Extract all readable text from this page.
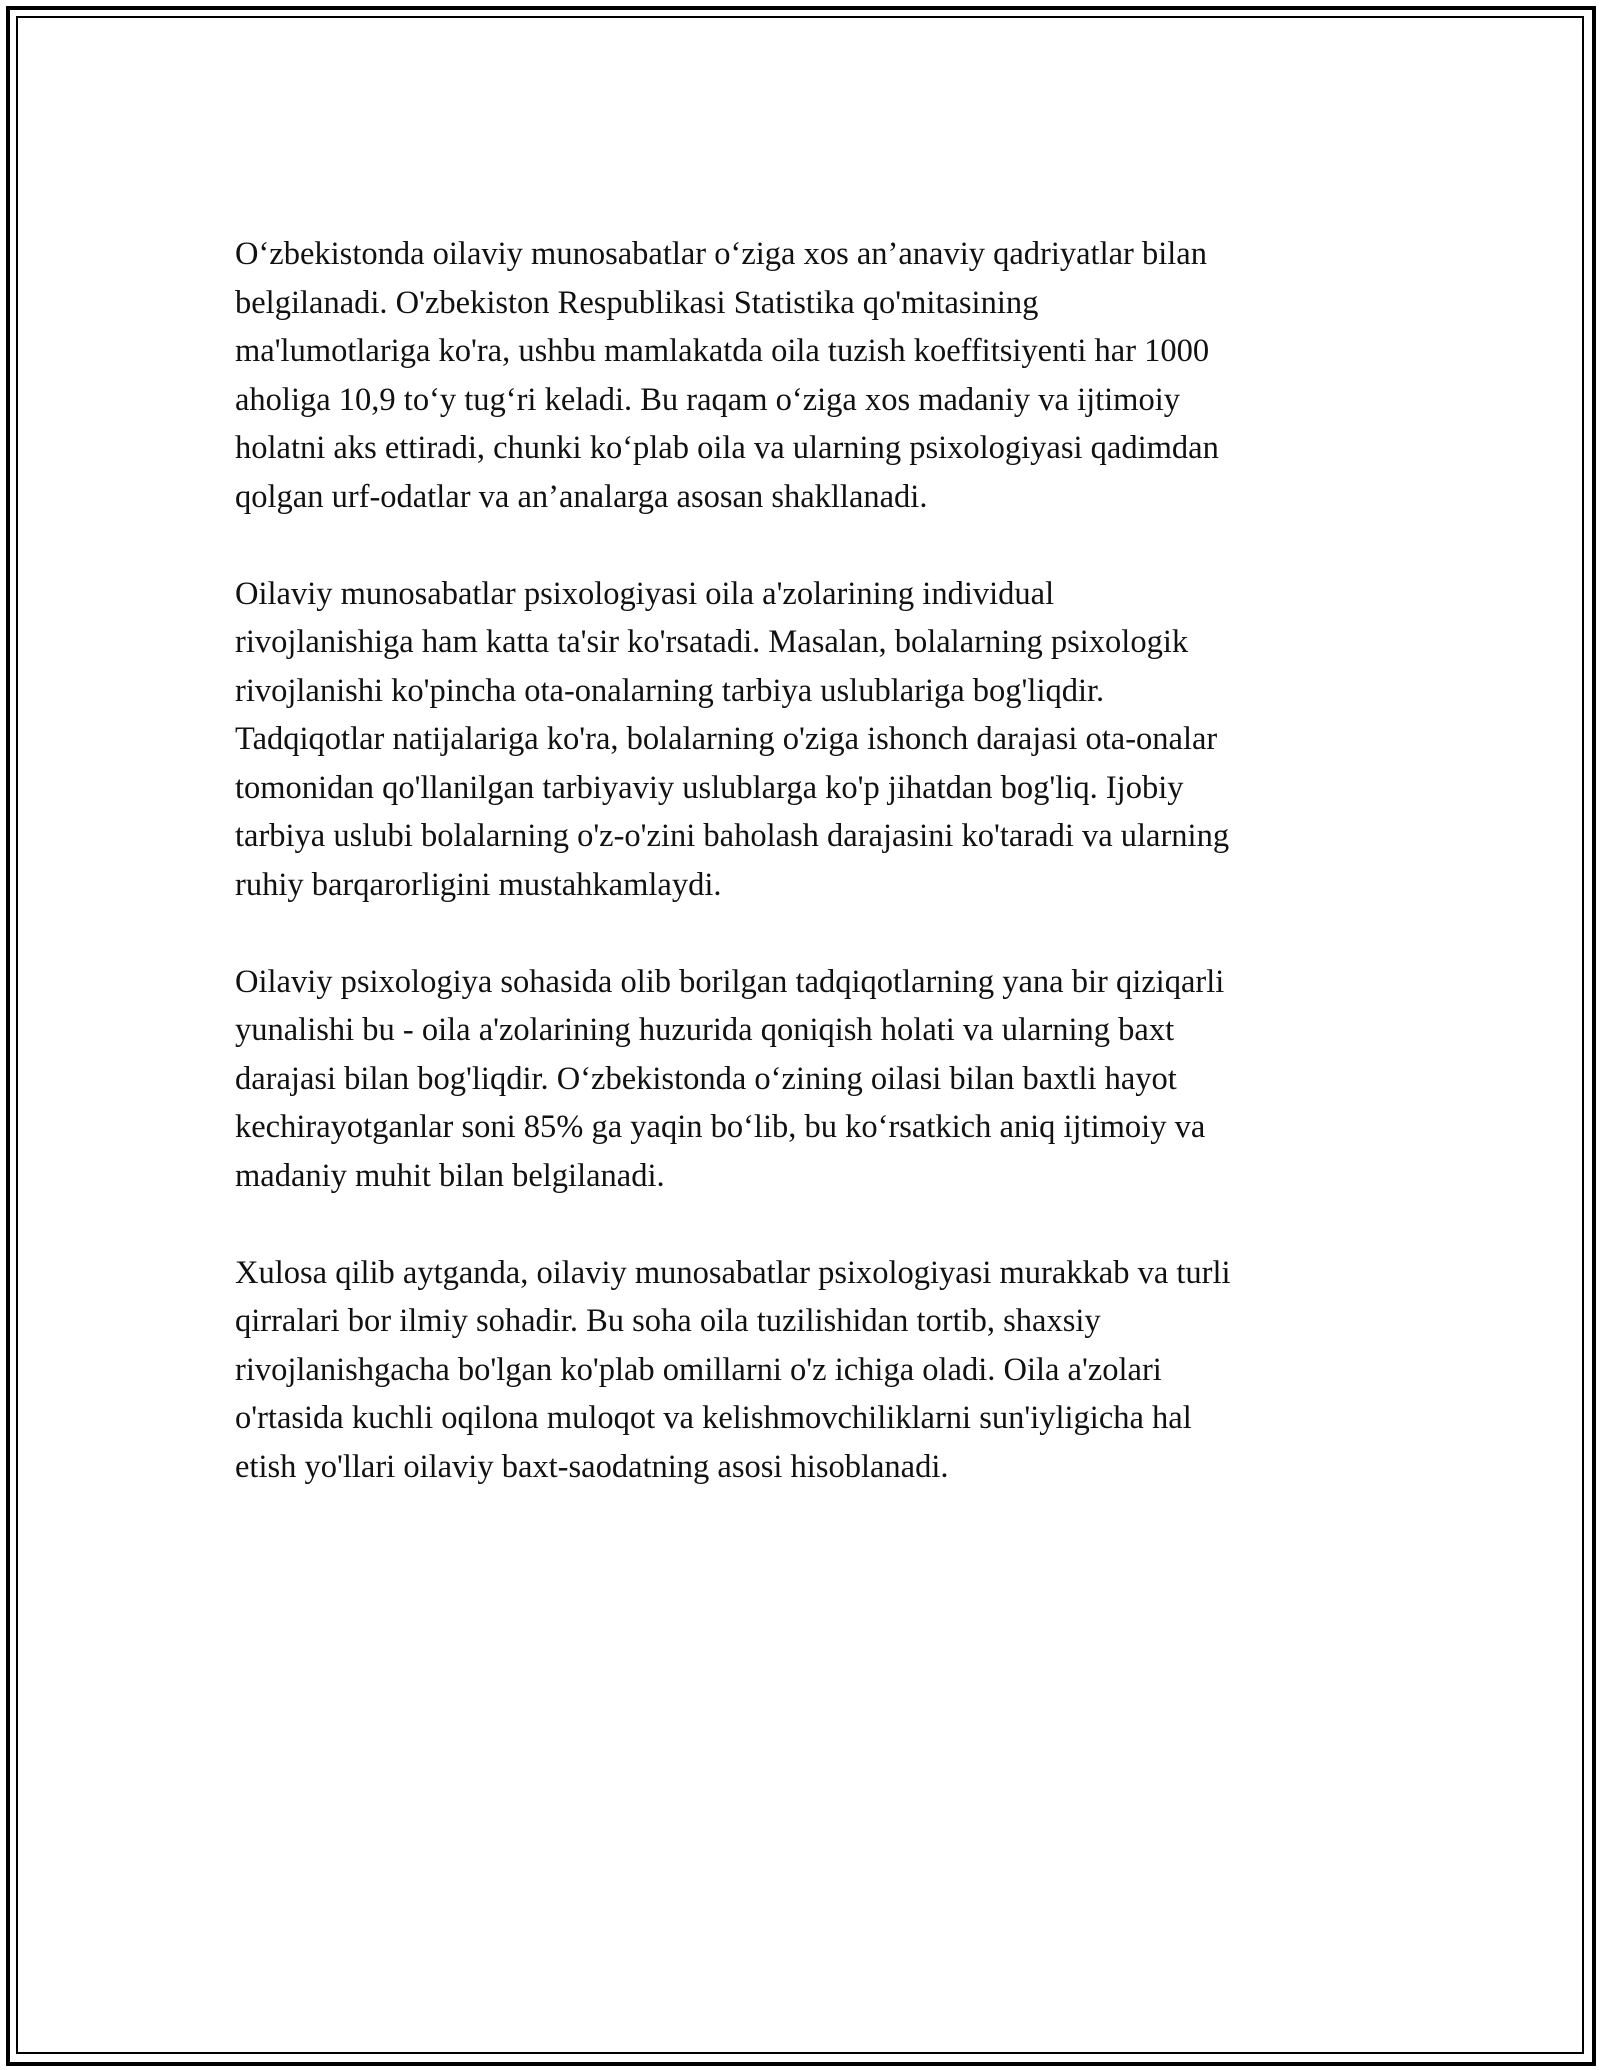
O‘zbekistonda oilaviy munosabatlar o‘ziga xos an’anaviy qadriyatlar bilan
belgilanadi. O'zbekiston Respublikasi Statistika qo'mitasining
ma'lumotlariga ko'ra, ushbu mamlakatda oila tuzish koeffitsiyenti har 1000
aholiga 10,9 to‘y tug‘ri keladi. Bu raqam o‘ziga xos madaniy va ijtimoiy
holatni aks ettiradi, chunki ko‘plab oila va ularning psixologiyasi qadimdan
qolgan urf-odatlar va an’analarga asosan shakllanadi.

Oilaviy munosabatlar psixologiyasi oila a'zolarining individual
rivojlanishiga ham katta ta'sir ko'rsatadi. Masalan, bolalarning psixologik
rivojlanishi ko'pincha ota-onalarning tarbiya uslublariga bog'liqdir.
Tadqiqotlar natijalariga ko'ra, bolalarning o'ziga ishonch darajasi ota-onalar
tomonidan qo'llanilgan tarbiyaviy uslublarga ko'p jihatdan bog'liq. Ijobiy
tarbiya uslubi bolalarning o'z-o'zini baholash darajasini ko'taradi va ularning
ruhiy barqarorligini mustahkamlaydi.

Oilaviy psixologiya sohasida olib borilgan tadqiqotlarning yana bir qiziqarli
yunalishi bu - oila a'zolarining huzurida qoniqish holati va ularning baxt
darajasi bilan bog'liqdir. O‘zbekistonda o‘zining oilasi bilan baxtli hayot
kechirayotganlar soni 85% ga yaqin bo‘lib, bu ko‘rsatkich aniq ijtimoiy va
madaniy muhit bilan belgilanadi.

Xulosa qilib aytganda, oilaviy munosabatlar psixologiyasi murakkab va turli
qirralari bor ilmiy sohadir. Bu soha oila tuzilishidan tortib, shaxsiy
rivojlanishgacha bo'lgan ko'plab omillarni o'z ichiga oladi. Oila a'zolari
o'rtasida kuchli oqilona muloqot va kelishmovchiliklarni sun'iyligicha hal
etish yo'llari oilaviy baxt-saodatning asosi hisoblanadi.
